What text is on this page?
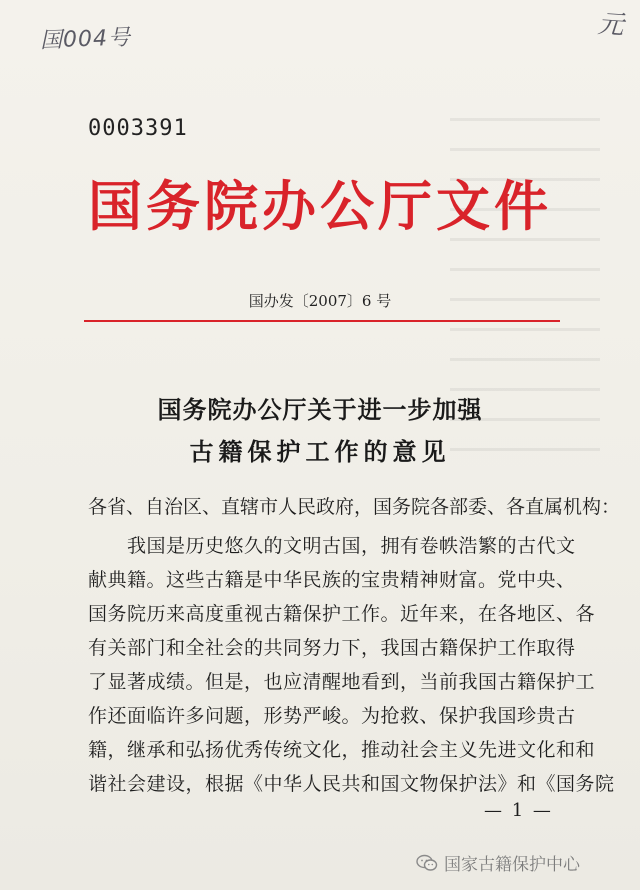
国004号	元
0003391
国务院办公厅文件
国办发〔2007〕6 号
国务院办公厅关于进一步加强
古籍保护工作的意见
各省、自治区、直辖市人民政府，国务院各部委、各直属机构：
　　我国是历史悠久的文明古国，拥有卷帙浩繁的古代文
献典籍。这些古籍是中华民族的宝贵精神财富。党中央、
国务院历来高度重视古籍保护工作。近年来，在各地区、各
有关部门和全社会的共同努力下，我国古籍保护工作取得
了显著成绩。但是，也应清醒地看到，当前我国古籍保护工
作还面临许多问题，形势严峻。为抢救、保护我国珍贵古
籍，继承和弘扬优秀传统文化，推动社会主义先进文化和和
谐社会建设，根据《中华人民共和国文物保护法》和《国务院
— 1 —
国家古籍保护中心
